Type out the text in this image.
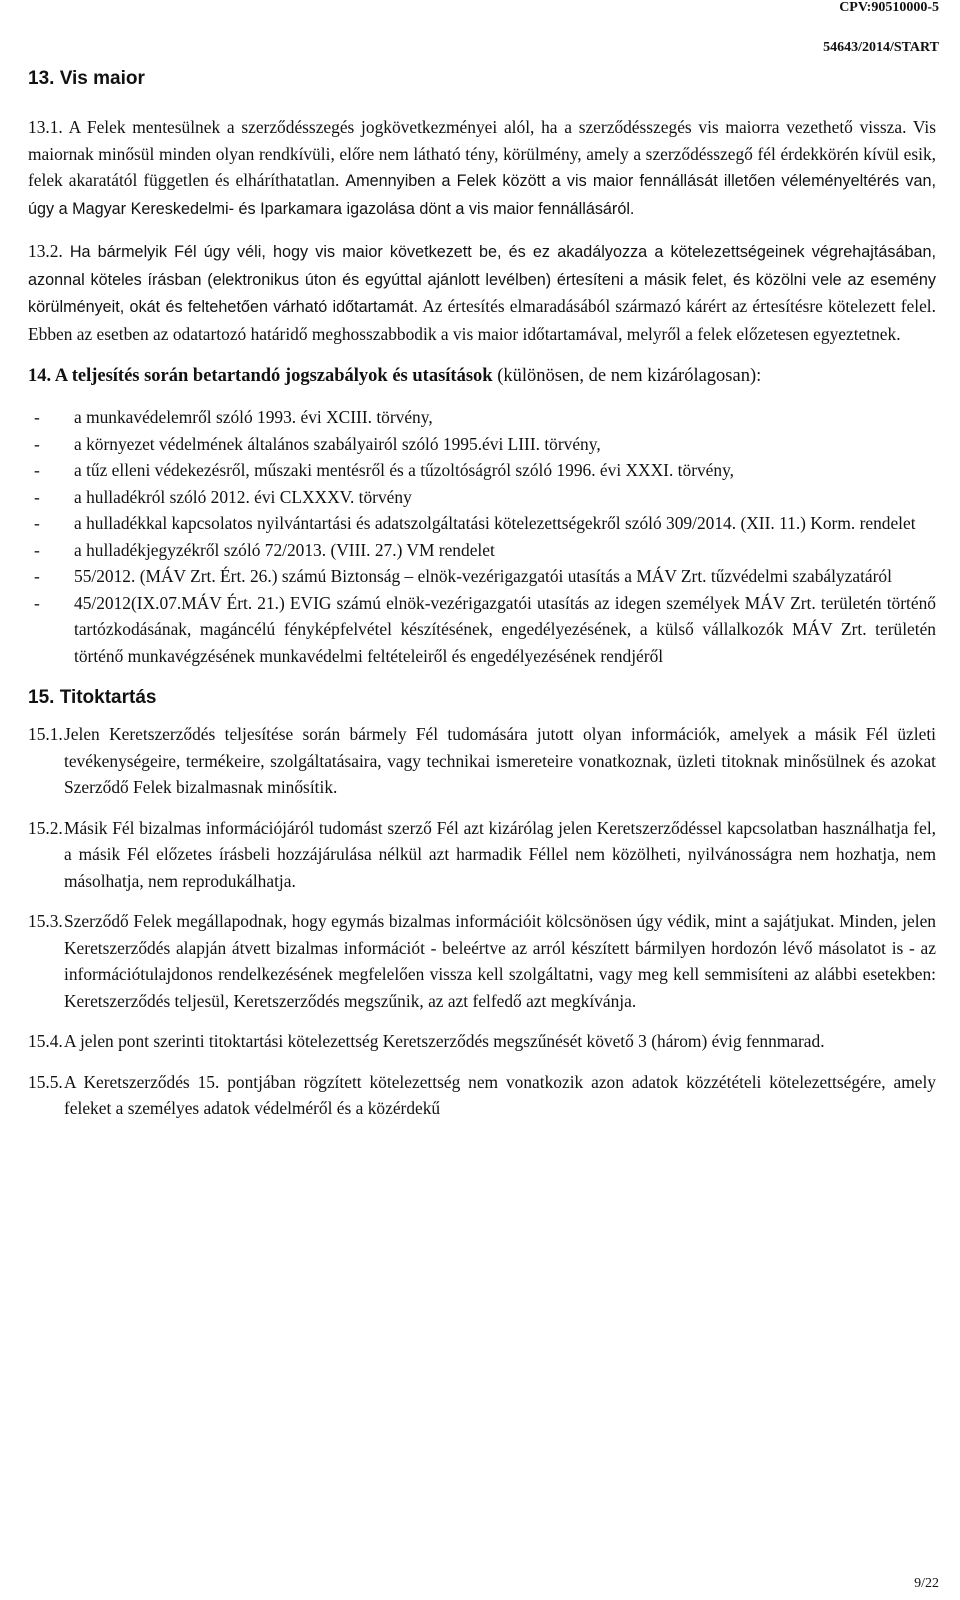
CPV:90510000-5
54643/2014/START
13. Vis maior

13.1. A Felek mentesülnek a szerződésszegés jogkövetkezményei alól, ha a szerződésszegés vis maiorra vezethető vissza. Vis maiornak minősül minden olyan rendkívüli, előre nem látható tény, körülmény, amely a szerződésszegő fél érdekkörén kívül esik, felek akaratától független és elháríthatatlan. Amennyiben a Felek között a vis maior fennállását illetően véleményeltérés van, úgy a Magyar Kereskedelmi- és Iparkamara igazolása dönt a vis maior fennállásáról.

13.2. Ha bármelyik Fél úgy véli, hogy vis maior következett be, és ez akadályozza a kötelezettségeinek végrehajtásában, azonnal köteles írásban (elektronikus úton és egyúttal ajánlott levélben) értesíteni a másik felet, és közölni vele az esemény körülményeit, okát és feltehetően várható időtartamát. Az értesítés elmaradásából származó kárért az értesítésre kötelezett felel. Ebben az esetben az odatartozó határidő meghosszabbodik a vis maior időtartamával, melyről a felek előzetesen egyeztetnek.

14. A teljesítés során betartandó jogszabályok és utasítások (különösen, de nem kizárólagosan):

- a munkavédelemről szóló 1993. évi XCIII. törvény,
- a környezet védelmének általános szabályairól szóló 1995.évi LIII. törvény,
- a tűz elleni védekezésről, műszaki mentésről és a tűzoltóságról szóló 1996. évi XXXI. törvény,
- a hulladékról szóló 2012. évi CLXXXV. törvény
- a hulladékkal kapcsolatos nyilvántartási és adatszolgáltatási kötelezettségekről szóló 309/2014. (XII. 11.) Korm. rendelet
- a hulladékjegyzékről szóló 72/2013. (VIII. 27.) VM rendelet
- 55/2012. (MÁV Zrt. Ért. 26.) számú Biztonság – elnök-vezérigazgatói utasítás a MÁV Zrt. tűzvédelmi szabályzatáról
- 45/2012(IX.07.MÁV Ért. 21.) EVIG számú elnök-vezérigazgatói utasítás az idegen személyek MÁV Zrt. területén történő tartózkodásának, magáncélú fényképfelvétel készítésének, engedélyezésének, a külső vállalkozók MÁV Zrt. területén történő munkavégzésének munkavédelmi feltételeiről és engedélyezésének rendjéről
15. Titoktartás
15.1. Jelen Keretszerződés teljesítése során bármely Fél tudomására jutott olyan információk, amelyek a másik Fél üzleti tevékenységeire, termékeire, szolgáltatásaira, vagy technikai ismereteire vonatkoznak, üzleti titoknak minősülnek és azokat Szerződő Felek bizalmasnak minősítik.
15.2. Másik Fél bizalmas információjáról tudomást szerző Fél azt kizárólag jelen Keretszerződéssel kapcsolatban használhatja fel, a másik Fél előzetes írásbeli hozzájárulása nélkül azt harmadik Féllel nem közölheti, nyilvánosságra nem hozhatja, nem másolhatja, nem reprodukálhatja.
15.3. Szerződő Felek megállapodnak, hogy egymás bizalmas információit kölcsönösen úgy védik, mint a sajátjukat. Minden, jelen Keretszerződés alapján átvett bizalmas információt - beleértve az arról készített bármilyen hordozón lévő másolatot is - az információtulajdonos rendelkezésének megfelelően vissza kell szolgáltatni, vagy meg kell semmisíteni az alábbi esetekben: Keretszerződés teljesül, Keretszerződés megszűnik, az azt felfedő azt megkívánja.
15.4. A jelen pont szerinti titoktartási kötelezettség Keretszerződés megszűnését követő 3 (három) évig fennmarad.
15.5. A Keretszerződés 15. pontjában rögzített kötelezettség nem vonatkozik azon adatok közzétételi kötelezettségére, amely feleket a személyes adatok védelméről és a közérdekű
9/22
